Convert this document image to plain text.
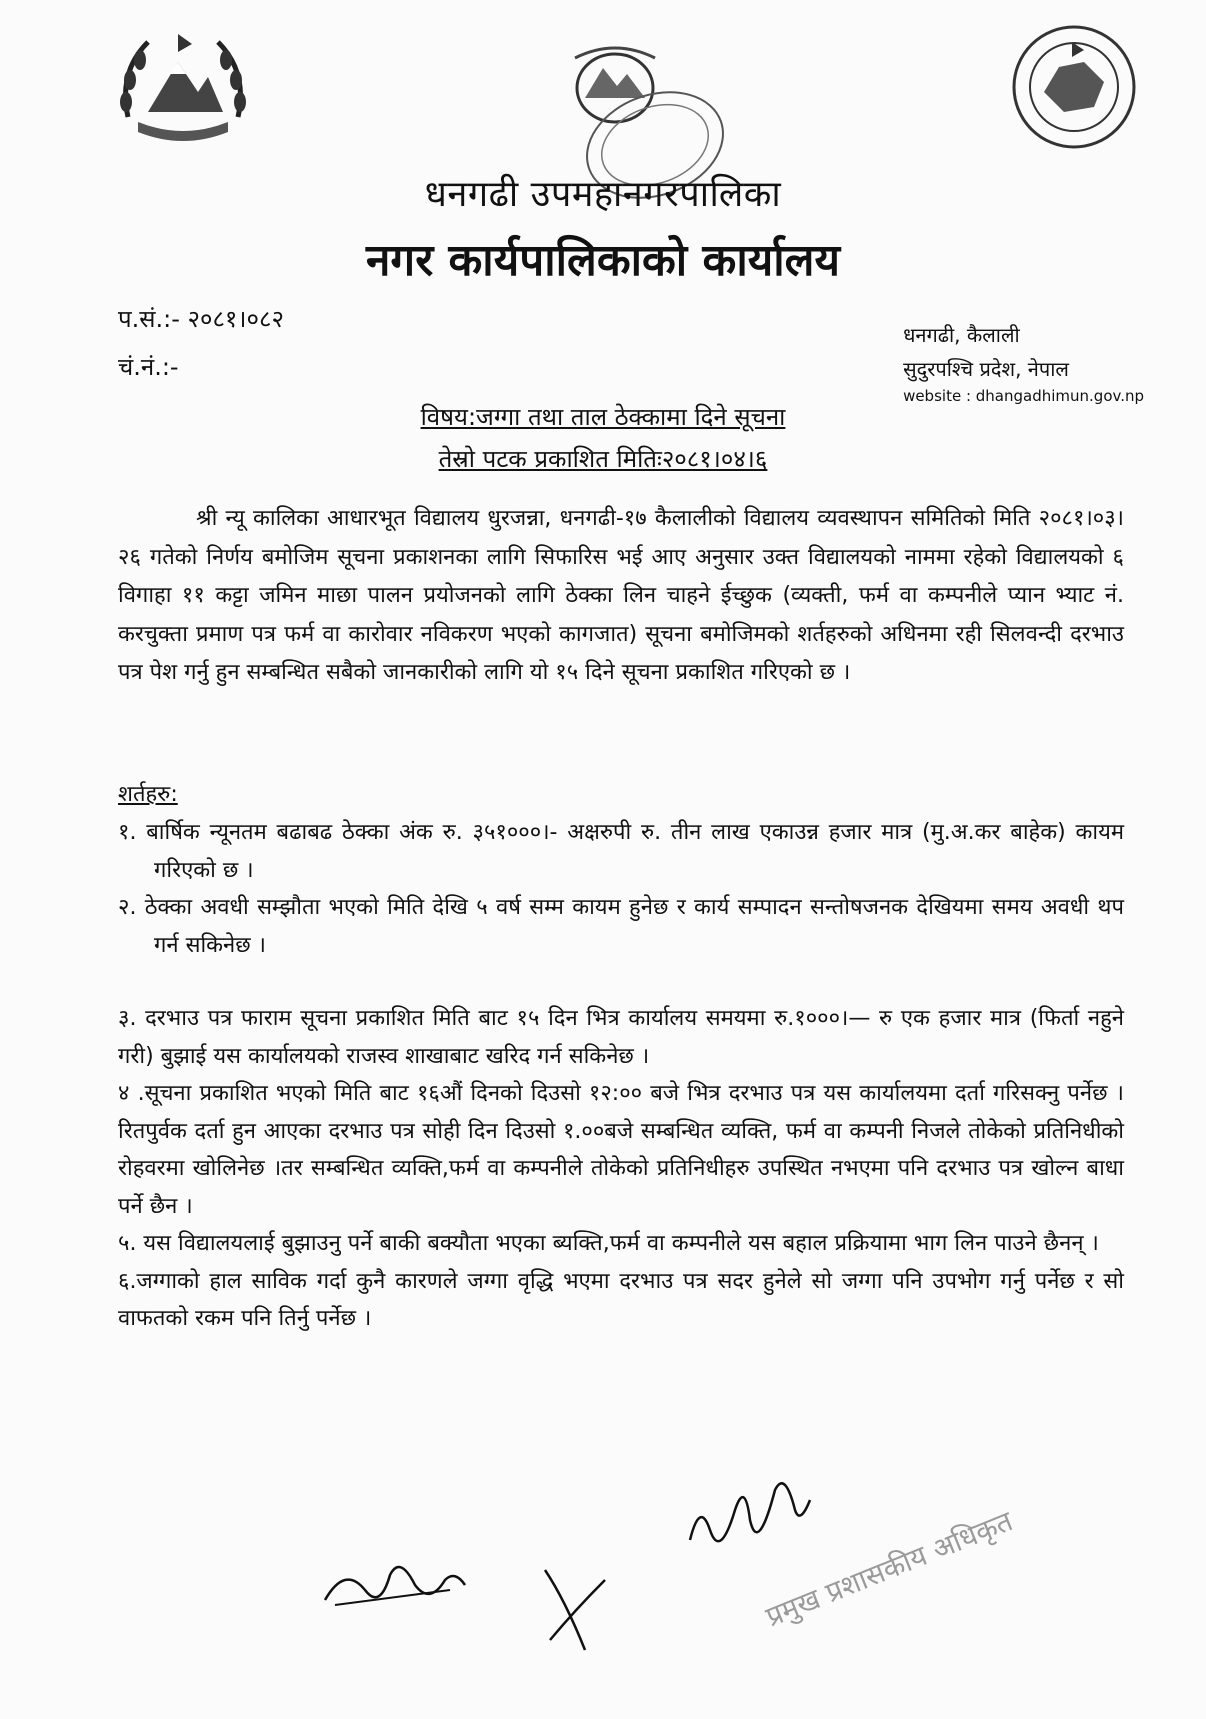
धनगढी उपमहानगरपालिका
नगर कार्यपालिकाको कार्यालय
प.सं.:- २०८१।०८२
चं.नं.:-
धनगढी, कैलाली
सुदुरपश्चि प्रदेश, नेपाल
website : dhangadhimun.gov.np
विषय:जग्गा तथा ताल ठेक्कामा दिने सूचना
तेस्रो पटक प्रकाशित मितिः२०८१।०४।६

श्री न्यू कालिका आधारभूत विद्यालय धुरजन्ना, धनगढी-१७ कैलालीको विद्यालय व्यवस्थापन समितिको मिति २०८१।०३।२६ गतेको निर्णय बमोजिम सूचना प्रकाशनका लागि सिफारिस भई आए अनुसार उक्त विद्यालयको नाममा रहेको विद्यालयको ६ विगाहा ११ कट्टा जमिन माछा पालन प्रयोजनको लागि ठेक्का लिन चाहने ईच्छुक (व्यक्ती, फर्म वा कम्पनीले प्यान भ्याट नं. करचुक्ता प्रमाण पत्र फर्म वा कारोवार नविकरण भएको कागजात) सूचना बमोजिमको शर्तहरुको अधिनमा रही सिलवन्दी दरभाउ पत्र पेश गर्नु हुन सम्बन्धित सबैको जानकारीको लागि यो १५ दिने सूचना प्रकाशित गरिएको छ ।

शर्तहरु:

१. बार्षिक न्यूनतम बढाबढ ठेक्का अंक रु. ३५१०००।- अक्षरुपी रु. तीन लाख एकाउन्न हजार मात्र (मु.अ.कर बाहेक) कायम गरिएको छ ।

२. ठेक्का अवधी सम्झौता भएको मिति देखि ५ वर्ष सम्म कायम हुनेछ र कार्य सम्पादन सन्तोषजनक देखियमा समय अवधी थप गर्न सकिनेछ ।

३. दरभाउ पत्र फाराम सूचना प्रकाशित मिति बाट १५ दिन भित्र कार्यालय समयमा रु.१०००।— रु एक हजार मात्र (फिर्ता नहुने गरी) बुझाई यस कार्यालयको राजस्व शाखाबाट खरिद गर्न सकिनेछ ।

४ .सूचना प्रकाशित भएको मिति बाट १६औं दिनको दिउसो १२:०० बजे भित्र दरभाउ पत्र यस कार्यालयमा दर्ता गरिसक्नु पर्नेछ ।रितपुर्वक दर्ता हुन आएका दरभाउ पत्र सोही दिन दिउसो १.००बजे सम्बन्धित व्यक्ति, फर्म वा कम्पनी निजले तोकेको प्रतिनिधीको रोहवरमा खोलिनेछ ।तर सम्बन्धित व्यक्ति,फर्म वा कम्पनीले तोकेको प्रतिनिधीहरु उपस्थित नभएमा पनि दरभाउ पत्र खोल्न बाधा पर्ने छैन ।

५. यस विद्यालयलाई बुझाउनु पर्ने बाकी बक्यौता भएका ब्यक्ति,फर्म वा कम्पनीले यस बहाल प्रक्रियामा भाग लिन पाउने छैनन् ।

६.जग्गाको हाल साविक गर्दा कुनै कारणले जग्गा वृद्धि भएमा दरभाउ पत्र सदर हुनेले सो जग्गा पनि उपभोग गर्नु पर्नेछ र सो वाफतको रकम पनि तिर्नु पर्नेछ ।

प्रमुख प्रशासकीय अधिकृत
